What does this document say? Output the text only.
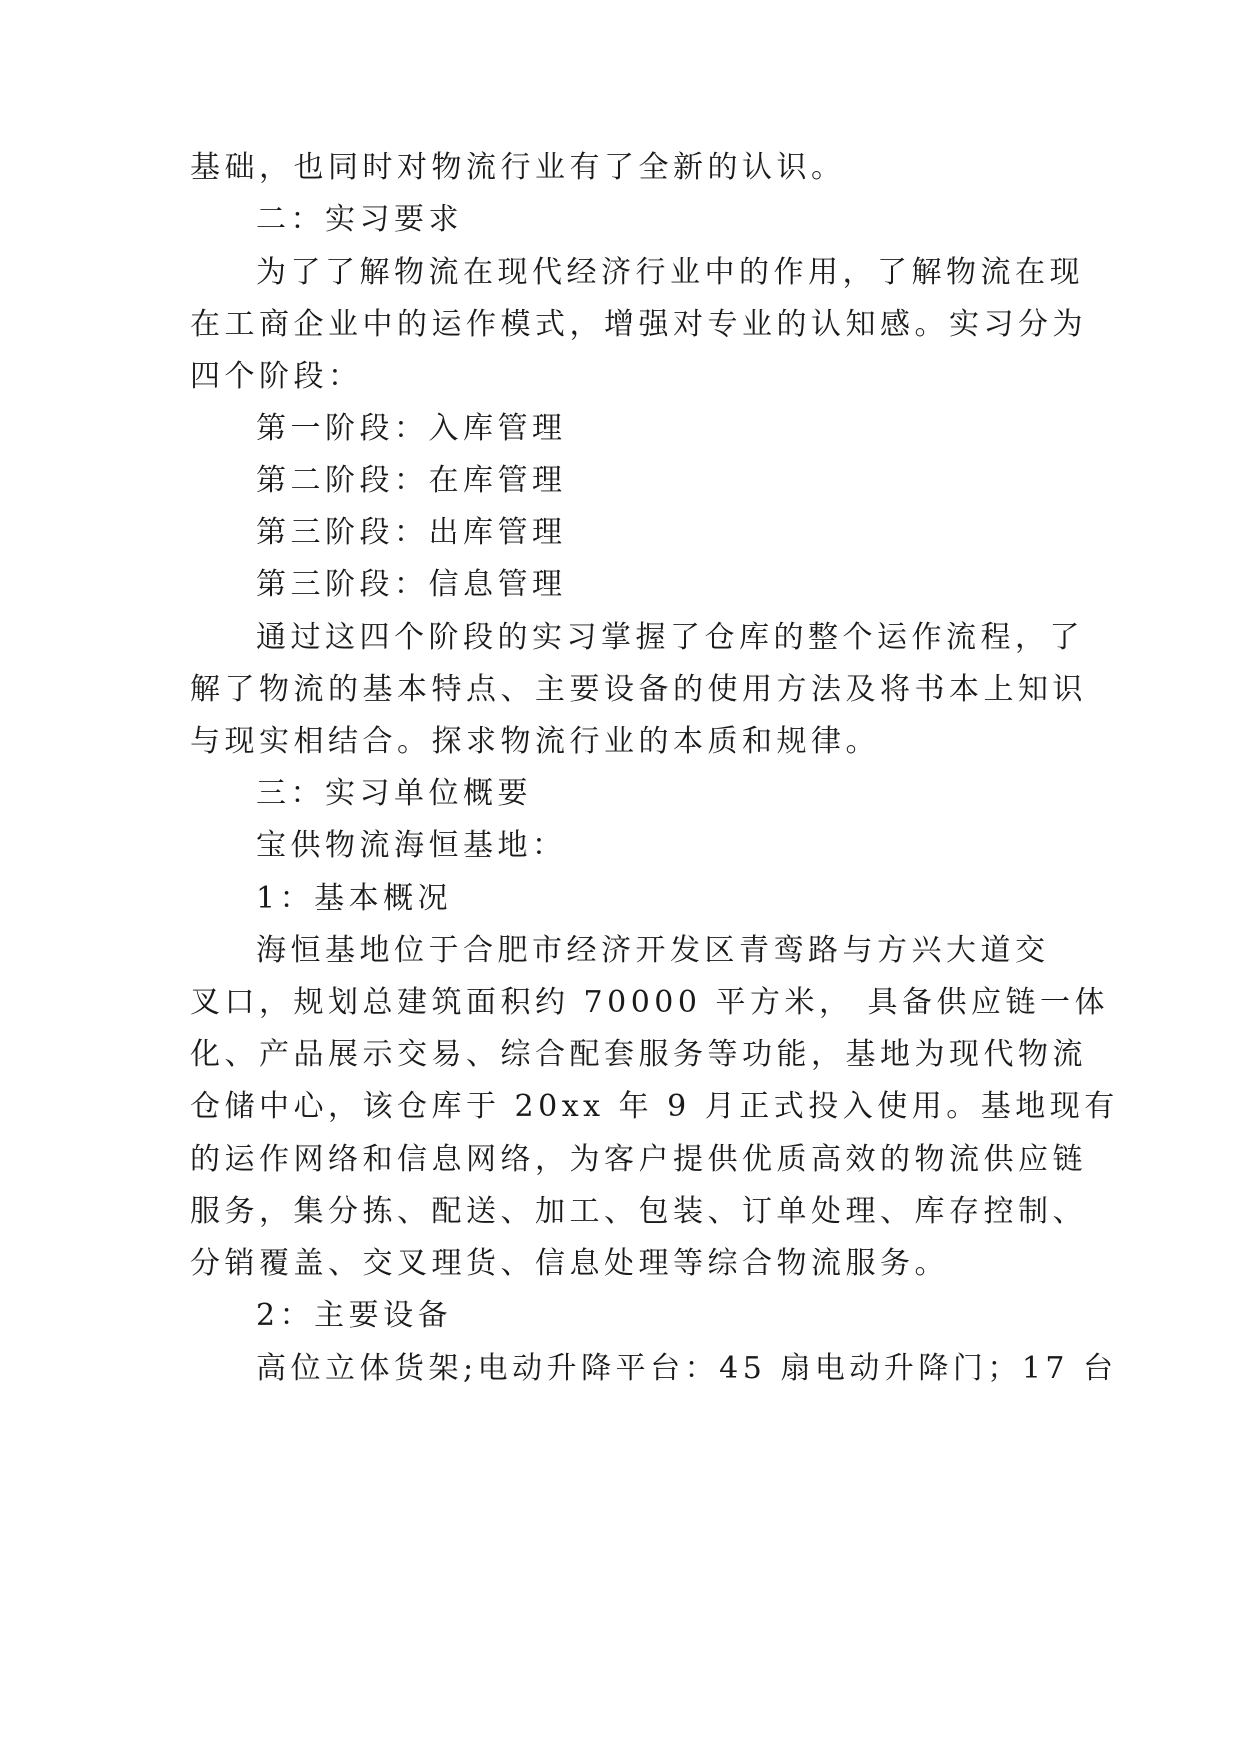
基础，也同时对物流行业有了全新的认识。

二：实习要求

为了了解物流在现代经济行业中的作用，了解物流在现

在工商企业中的运作模式，增强对专业的认知感。实习分为

四个阶段：

第一阶段：入库管理

第二阶段：在库管理

第三阶段：出库管理

第三阶段：信息管理

通过这四个阶段的实习掌握了仓库的整个运作流程，了

解了物流的基本特点、主要设备的使用方法及将书本上知识

与现实相结合。探求物流行业的本质和规律。

三：实习单位概要

宝供物流海恒基地：

1：基本概况

海恒基地位于合肥市经济开发区青鸾路与方兴大道交

叉口，规划总建筑面积约 70000 平方米， 具备供应链一体

化、产品展示交易、综合配套服务等功能，基地为现代物流

仓储中心，该仓库于 20xx 年 9 月正式投入使用。基地现有

的运作网络和信息网络，为客户提供优质高效的物流供应链

服务，集分拣、配送、加工、包装、订单处理、库存控制、

分销覆盖、交叉理货、信息处理等综合物流服务。

2：主要设备

高位立体货架;电动升降平台：45 扇电动升降门；17 台
